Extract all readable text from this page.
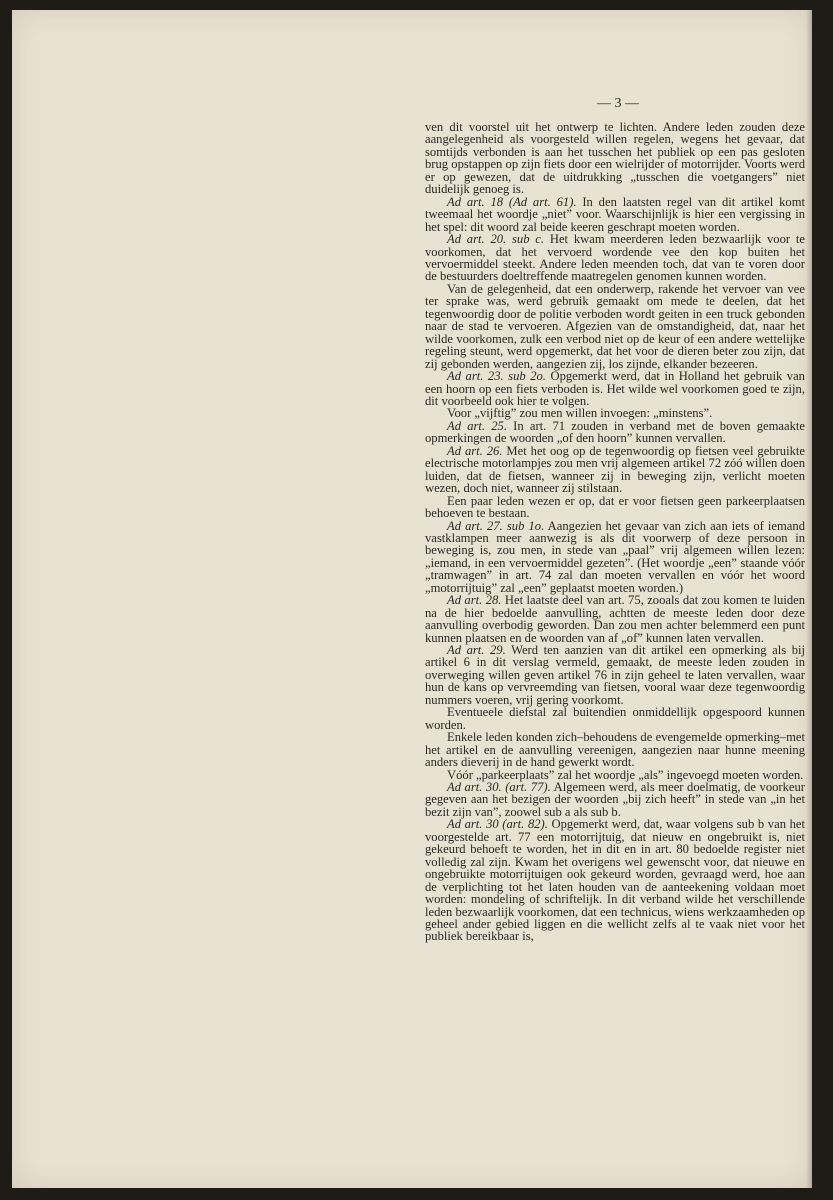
— 3 —

ven dit voorstel uit het ontwerp te lichten. Andere leden zouden deze aangelegenheid als voorgesteld willen regelen, wegens het gevaar, dat somtijds verbonden is aan het tusschen het publiek op een pas gesloten brug opstappen op zijn fiets door een wielrijder of motorrijder. Voorts werd er op gewezen, dat de uitdrukking „tusschen die voetgangers” niet duidelijk genoeg is.

Ad art. 18 (Ad art. 61). In den laatsten regel van dit artikel komt tweemaal het woordje „niet” voor. Waarschijnlijk is hier een vergissing in het spel: dit woord zal beide keeren geschrapt moeten worden.

Ad art. 20. sub c. Het kwam meerderen leden bezwaarlijk voor te voorkomen, dat het vervoerd wordende vee den kop buiten het vervoermiddel steekt. Andere leden meenden toch, dat van te voren door de bestuurders doeltreffende maatregelen genomen kunnen worden.

Van de gelegenheid, dat een onderwerp, rakende het vervoer van vee ter sprake was, werd gebruik gemaakt om mede te deelen, dat het tegenwoordig door de politie verboden wordt geiten in een truck gebonden naar de stad te vervoeren. Afgezien van de omstandigheid, dat, naar het wilde voorkomen, zulk een verbod niet op de keur of een andere wettelijke regeling steunt, werd opgemerkt, dat het voor de dieren beter zou zijn, dat zij gebonden werden, aangezien zij, los zijnde, elkander bezeeren.

Ad art. 23. sub 2o. Opgemerkt werd, dat in Holland het gebruik van een hoorn op een fiets verboden is. Het wilde wel voorkomen goed te zijn, dit voorbeeld ook hier te volgen.

Voor „vijftig” zou men willen invoegen: „minstens”.

Ad art. 25. In art. 71 zouden in verband met de boven gemaakte opmerkingen de woorden „of den hoorn” kunnen vervallen.

Ad art. 26. Met het oog op de tegenwoordig op fietsen veel gebruikte electrische motorlampjes zou men vrij algemeen artikel 72 zóó willen doen luiden, dat de fietsen, wanneer zij in beweging zijn, verlicht moeten wezen, doch niet, wanneer zij stilstaan.

Een paar leden wezen er op, dat er voor fietsen geen parkeerplaatsen behoeven te bestaan.

Ad art. 27. sub 1o. Aangezien het gevaar van zich aan iets of iemand vastklampen meer aanwezig is als dit voorwerp of deze persoon in beweging is, zou men, in stede van „paal” vrij algemeen willen lezen: „iemand, in een vervoermiddel gezeten”. (Het woordje „een” staande vóór „tramwagen” in art. 74 zal dan moeten vervallen en vóór het woord „motorrijtuig” zal „een” geplaatst moeten worden.)

Ad art. 28. Het laatste deel van art. 75, zooals dat zou komen te luiden na de hier bedoelde aanvulling, achtten de meeste leden door deze aanvulling overbodig geworden. Dan zou men achter belemmerd een punt kunnen plaatsen en de woorden van af „of” kunnen laten vervallen.

Ad art. 29. Werd ten aanzien van dit artikel een opmerking als bij artikel 6 in dit verslag vermeld, gemaakt, de meeste leden zouden in overweging willen geven artikel 76 in zijn geheel te laten vervallen, waar hun de kans op vervreemding van fietsen, vooral waar deze tegenwoordig nummers voeren, vrij gering voorkomt.

Eventueele diefstal zal buitendien onmiddellijk opgespoord kunnen worden.

Enkele leden konden zich–behoudens de evengemelde opmerking–met het artikel en de aanvulling vereenigen, aangezien naar hunne meening anders dieverij in de hand gewerkt wordt.

Vóór „parkeerplaats” zal het woordje „als” ingevoegd moeten worden.

Ad art. 30. (art. 77). Algemeen werd, als meer doelmatig, de voorkeur gegeven aan het bezigen der woorden „bij zich heeft” in stede van „in het bezit zijn van”, zoowel sub a als sub b.

Ad art. 30 (art. 82). Opgemerkt werd, dat, waar volgens sub b van het voorgestelde art. 77 een motorrijtuig, dat nieuw en ongebruikt is, niet gekeurd behoeft te worden, het in dit en in art. 80 bedoelde register niet volledig zal zijn. Kwam het overigens wel gewenscht voor, dat nieuwe en ongebruikte motorrijtuigen ook gekeurd worden, gevraagd werd, hoe aan de verplichting tot het laten houden van de aanteekening voldaan moet worden: mondeling of schriftelijk. In dit verband wilde het verschillende leden bezwaarlijk voorkomen, dat een technicus, wiens werkzaamheden op geheel ander gebied liggen en die wellicht zelfs al te vaak niet voor het publiek bereikbaar is,
